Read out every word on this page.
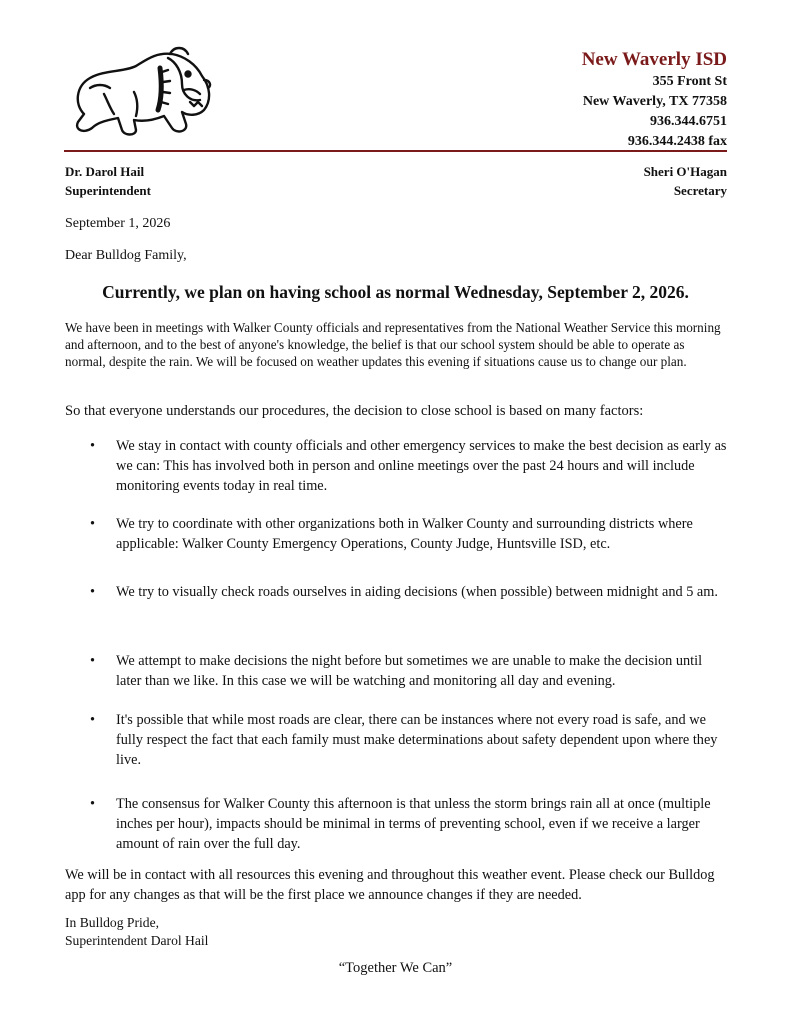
New Waverly ISD
355 Front St
New Waverly, TX 77358
936.344.6751
936.344.2438 fax
Dr. Darol Hail
Superintendent
Sheri O'Hagan
Secretary
September 1, 2026
Dear Bulldog Family,
Currently, we plan on having school as normal Wednesday, September 2, 2026.
We have been in meetings with Walker County officials and representatives from the National Weather Service this morning and afternoon, and to the best of anyone's knowledge, the belief is that our school system should be able to operate as normal, despite the rain. We will be focused on weather updates this evening if situations cause us to change our plan.
So that everyone understands our procedures, the decision to close school is based on many factors:
• We stay in contact with county officials and other emergency services to make the best decision as early as we can: This has involved both in person and online meetings over the past 24 hours and will include monitoring events today in real time.
• We try to coordinate with other organizations both in Walker County and surrounding districts where applicable: Walker County Emergency Operations, County Judge, Huntsville ISD, etc.
• We try to visually check roads ourselves in aiding decisions (when possible) between midnight and 5 am.
• We attempt to make decisions the night before but sometimes we are unable to make the decision until later than we like. In this case we will be watching and monitoring all day and evening.
• It's possible that while most roads are clear, there can be instances where not every road is safe, and we fully respect the fact that each family must make determinations about safety dependent upon where they live.
• The consensus for Walker County this afternoon is that unless the storm brings rain all at once (multiple inches per hour), impacts should be minimal in terms of preventing school, even if we receive a larger amount of rain over the full day.
We will be in contact with all resources this evening and throughout this weather event. Please check our Bulldog app for any changes as that will be the first place we announce changes if they are needed.
In Bulldog Pride,
Superintendent Darol Hail
“Together We Can”
